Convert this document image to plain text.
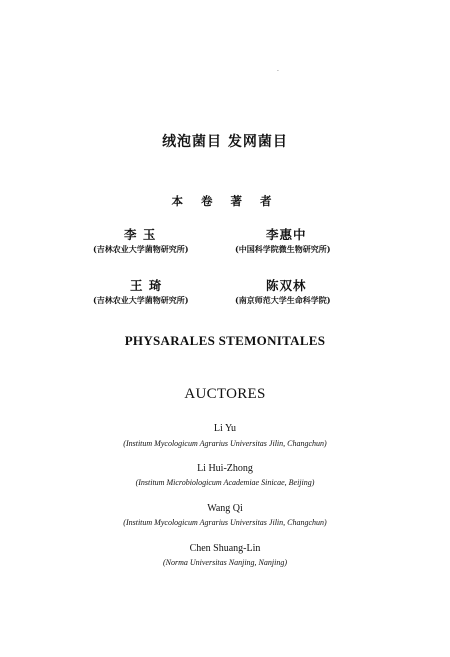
·
绒泡菌目 发网菌目
本 卷 著 者
李 玉
(吉林农业大学菌物研究所)
王 琦
(吉林农业大学菌物研究所)
李惠中
(中国科学院微生物研究所)
陈双林
(南京师范大学生命科学院)
PHYSARALES STEMONITALES
AUCTORES
Li Yu
(Institum Mycologicum Agrarius Universitas Jilin, Changchun)
Li Hui-Zhong
(Institum Microbiologicum Academiae Sinicae, Beijing)
Wang Qi
(Institum Mycologicum Agrarius Universitas Jilin, Changchun)
Chen Shuang-Lin
(Norma Universitas Nanjing, Nanjing)
